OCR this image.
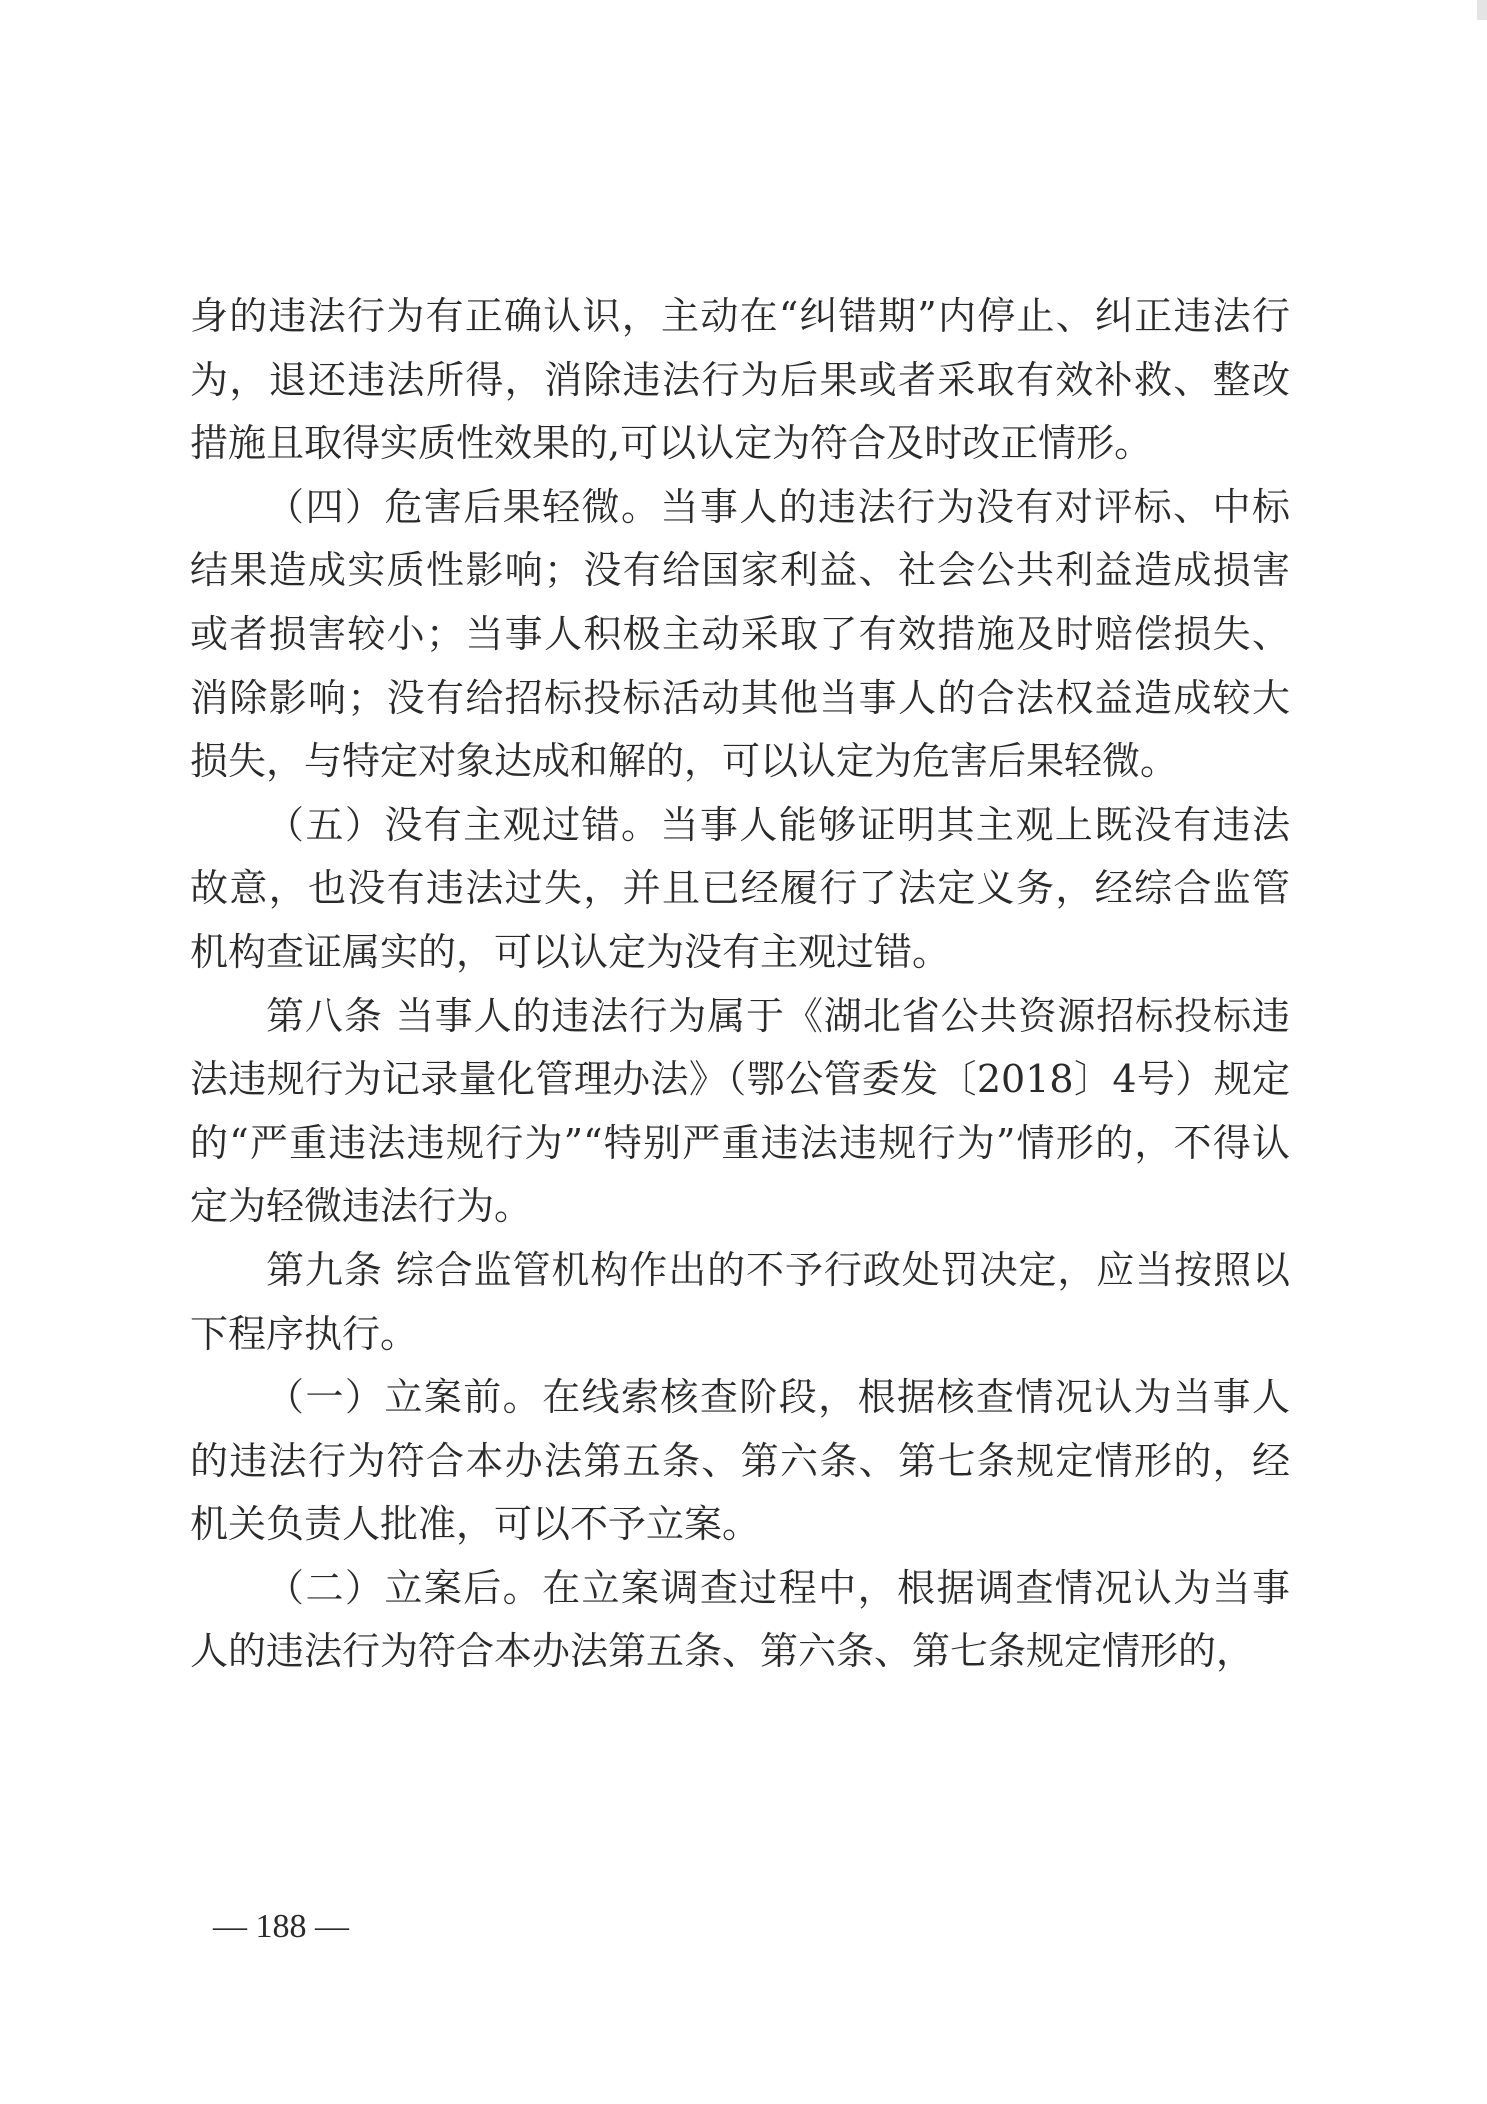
身的违法行为有正确认识，主动在“纠错期”内停止、纠正违法行为，退还违法所得，消除违法行为后果或者采取有效补救、整改措施且取得实质性效果的,可以认定为符合及时改正情形。

（四）危害后果轻微。当事人的违法行为没有对评标、中标结果造成实质性影响；没有给国家利益、社会公共利益造成损害或者损害较小；当事人积极主动采取了有效措施及时赔偿损失、消除影响；没有给招标投标活动其他当事人的合法权益造成较大损失，与特定对象达成和解的，可以认定为危害后果轻微。

（五）没有主观过错。当事人能够证明其主观上既没有违法故意，也没有违法过失，并且已经履行了法定义务，经综合监管机构查证属实的，可以认定为没有主观过错。

第八条 当事人的违法行为属于《湖北省公共资源招标投标违法违规行为记录量化管理办法》（鄂公管委发〔2018〕4号）规定的“严重违法违规行为”“特别严重违法违规行为”情形的，不得认定为轻微违法行为。

第九条 综合监管机构作出的不予行政处罚决定，应当按照以下程序执行。

（一）立案前。在线索核查阶段，根据核查情况认为当事人的违法行为符合本办法第五条、第六条、第七条规定情形的，经机关负责人批准，可以不予立案。

（二）立案后。在立案调查过程中，根据调查情况认为当事人的违法行为符合本办法第五条、第六条、第七条规定情形的，

— 188 —
